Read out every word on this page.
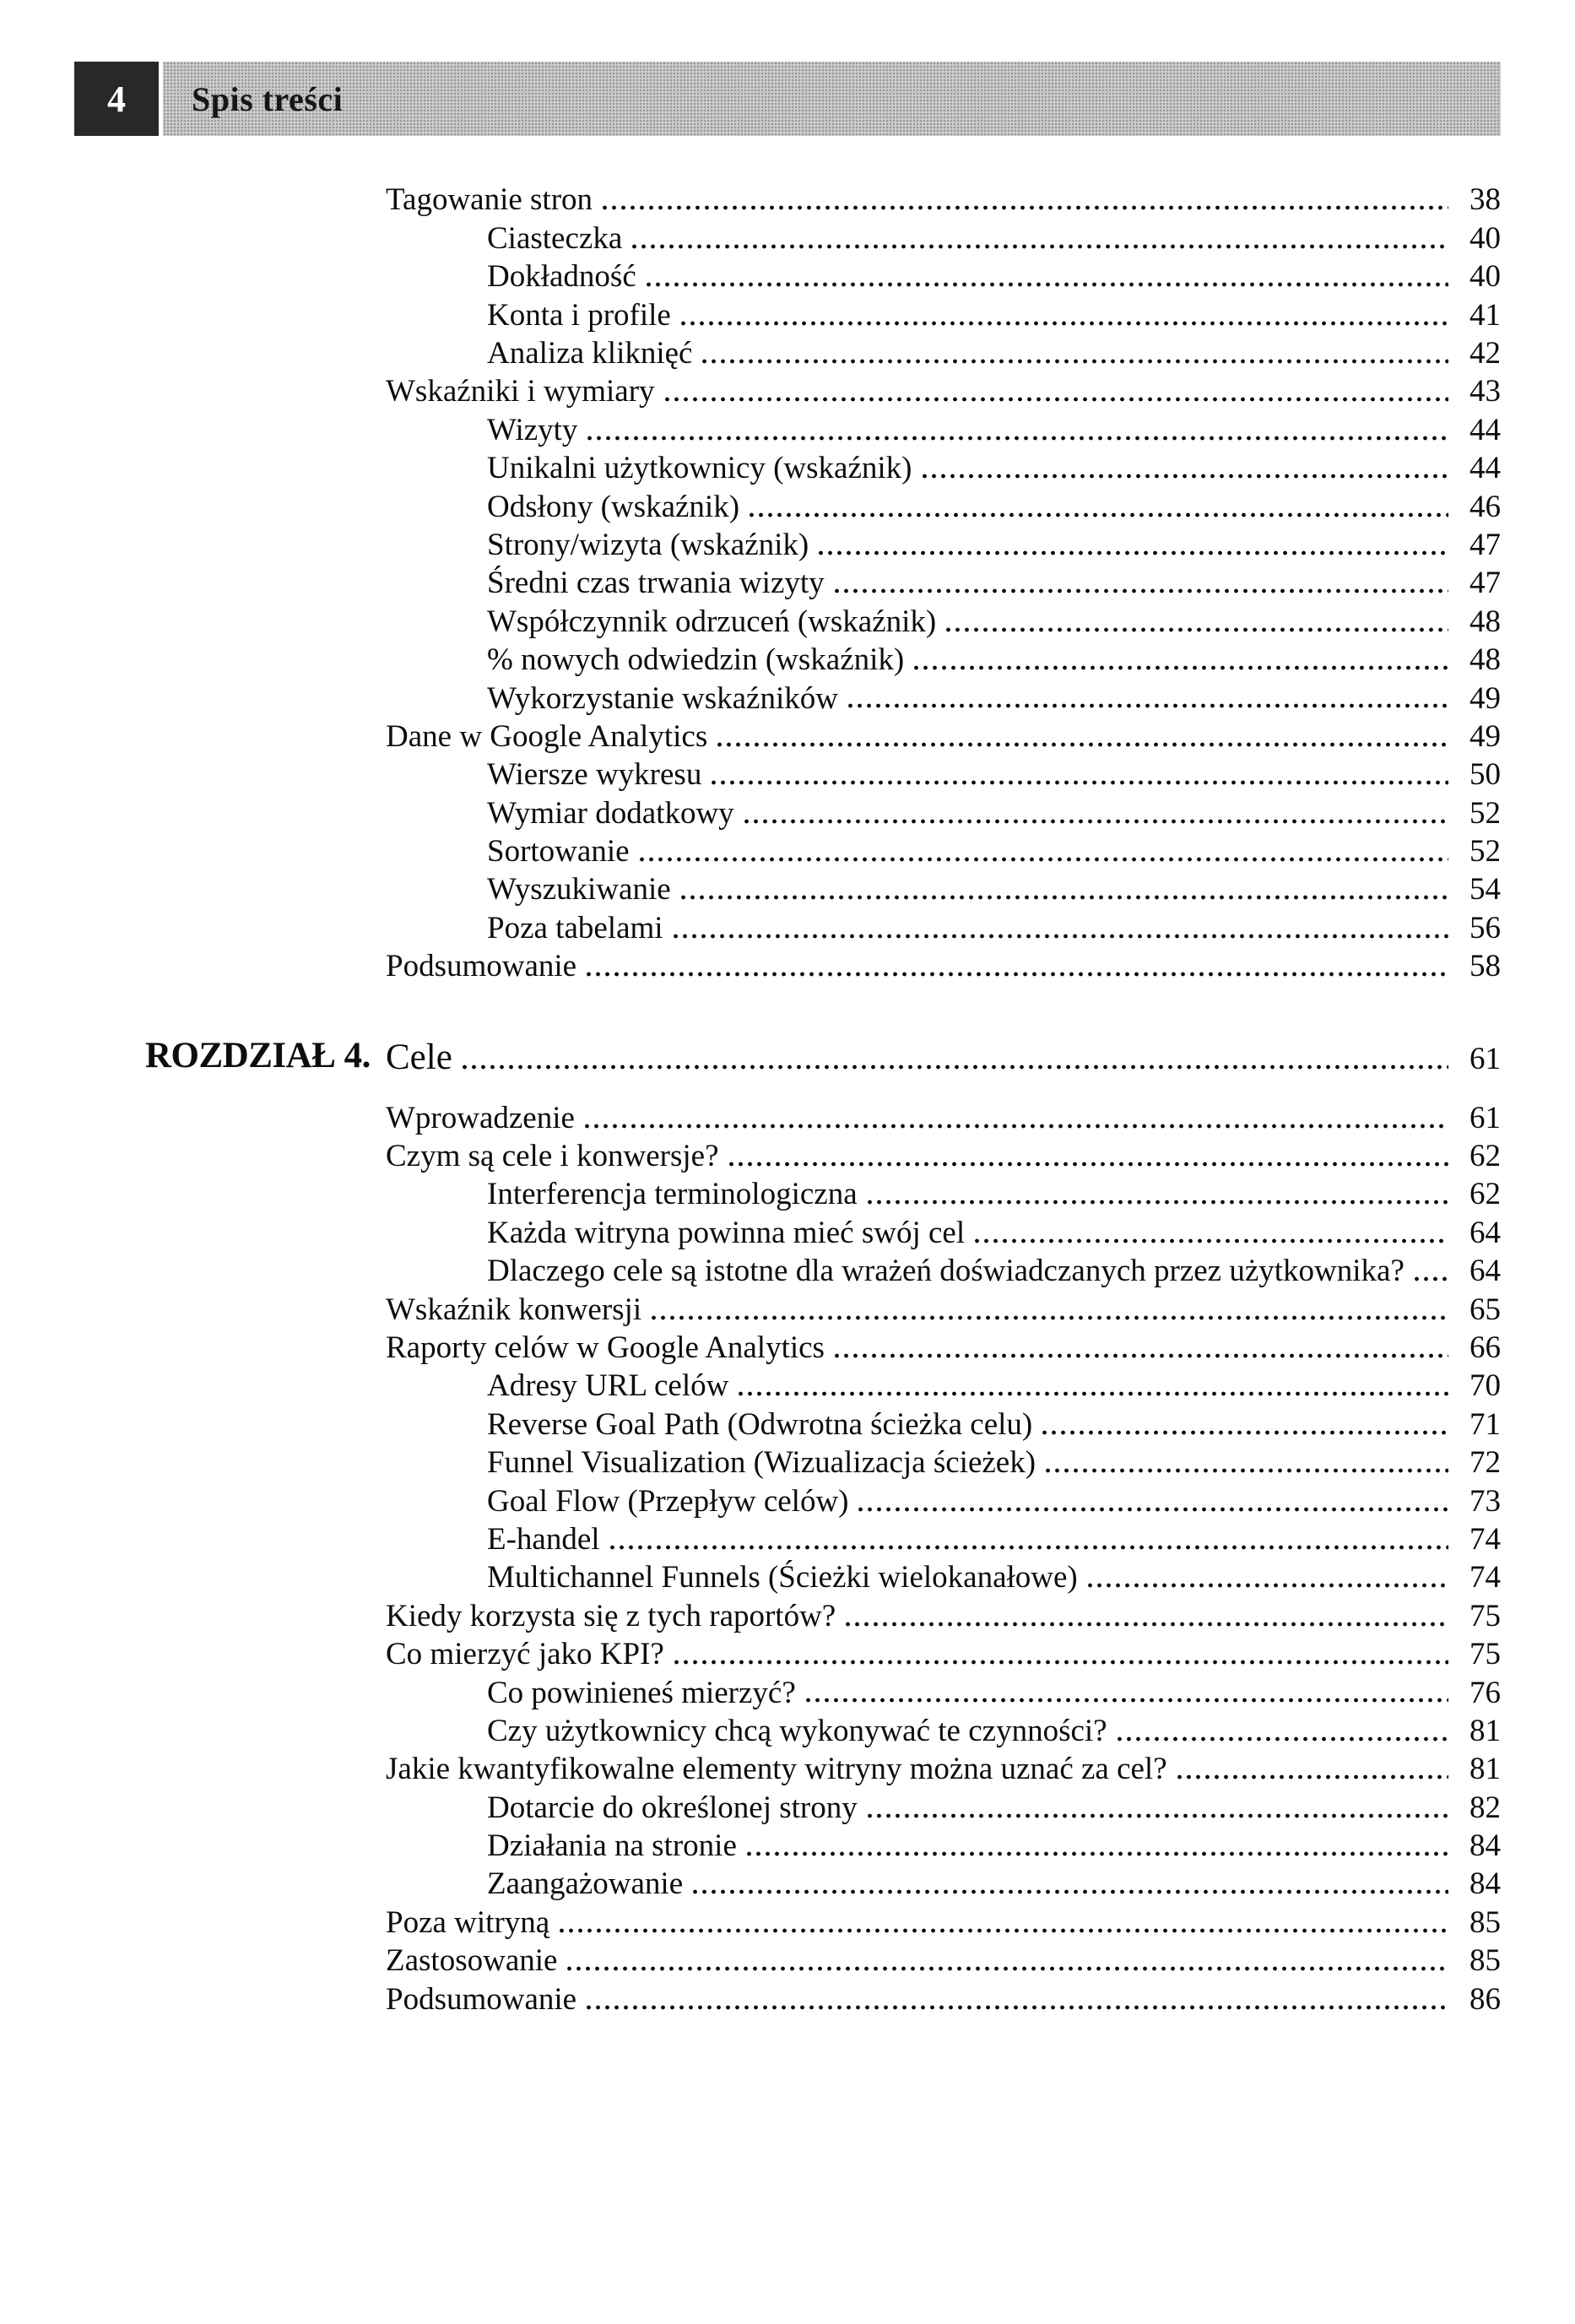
4	Spis treści
Tagowanie stron	38
Ciasteczka	40
Dokładność	40
Konta i profile	41
Analiza kliknięć	42
Wskaźniki i wymiary	43
Wizyty	44
Unikalni użytkownicy (wskaźnik)	44
Odsłony (wskaźnik)	46
Strony/wizyta (wskaźnik)	47
Średni czas trwania wizyty	47
Współczynnik odrzuceń (wskaźnik)	48
% nowych odwiedzin (wskaźnik)	48
Wykorzystanie wskaźników	49
Dane w Google Analytics	49
Wiersze wykresu	50
Wymiar dodatkowy	52
Sortowanie	52
Wyszukiwanie	54
Poza tabelami	56
Podsumowanie	58
ROZDZIAŁ 4. Cele	61
Wprowadzenie	61
Czym są cele i konwersje?	62
Interferencja terminologiczna	62
Każda witryna powinna mieć swój cel	64
Dlaczego cele są istotne dla wrażeń doświadczanych przez użytkownika?	64
Wskaźnik konwersji	65
Raporty celów w Google Analytics	66
Adresy URL celów	70
Reverse Goal Path (Odwrotna ścieżka celu)	71
Funnel Visualization (Wizualizacja ścieżek)	72
Goal Flow (Przepływ celów)	73
E-handel	74
Multichannel Funnels (Ścieżki wielokanałowe)	74
Kiedy korzysta się z tych raportów?	75
Co mierzyć jako KPI?	75
Co powinieneś mierzyć?	76
Czy użytkownicy chcą wykonywać te czynności?	81
Jakie kwantyfikowalne elementy witryny można uznać za cel?	81
Dotarcie do określonej strony	82
Działania na stronie	84
Zaangażowanie	84
Poza witryną	85
Zastosowanie	85
Podsumowanie	86
